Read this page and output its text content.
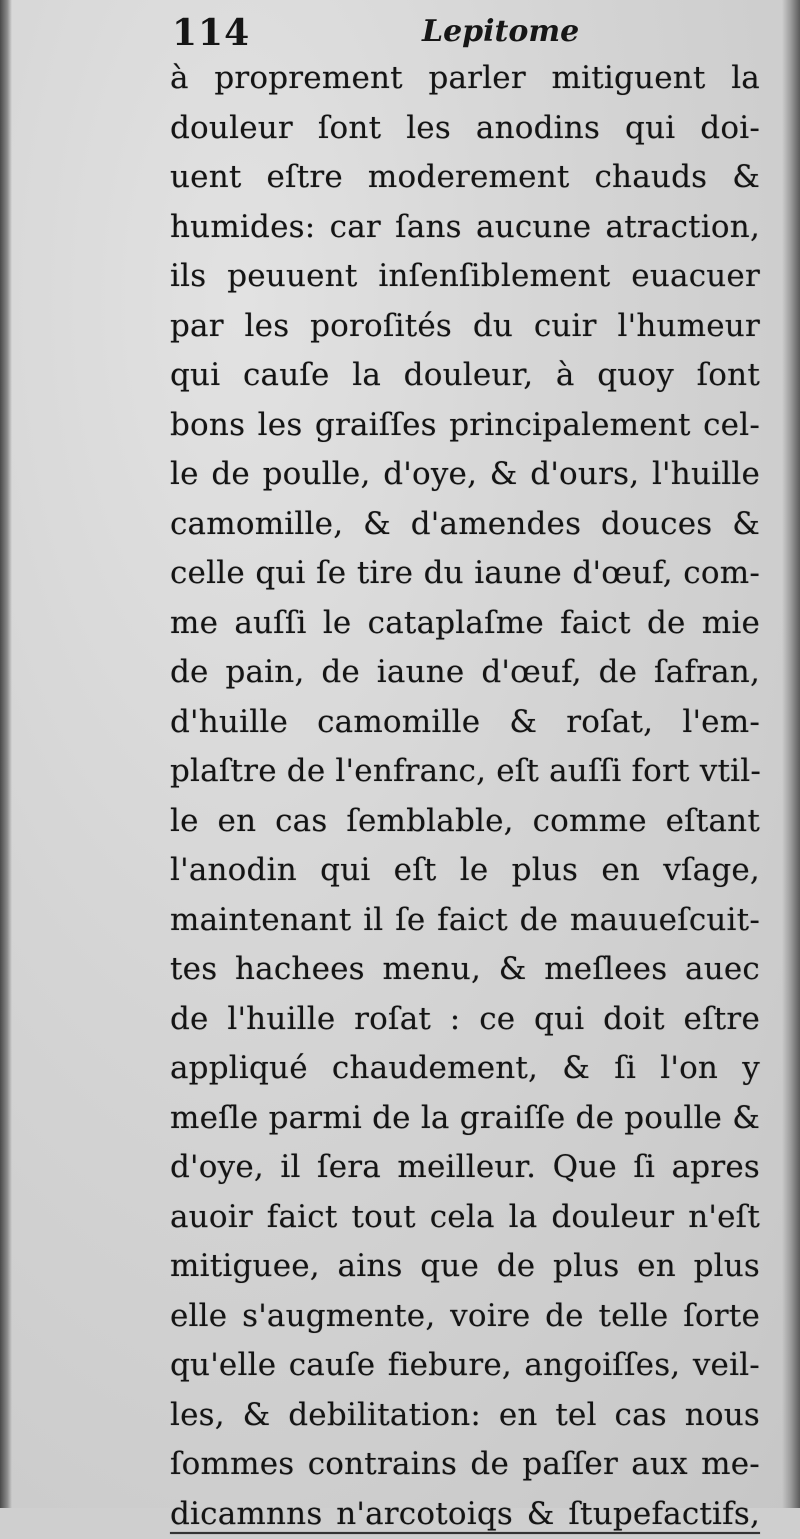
114	Lepitome
à proprement parler mitiguent la
douleur ſont les anodins qui doi-
uent eſtre moderement chauds &
humides: car ſans aucune atraction,
ils peuuent inſenſiblement euacuer
par les poroſités du cuir l'humeur
qui cauſe la douleur, à quoy ſont
bons les graiſſes principalement cel-
le de poulle, d'oye, & d'ours, l'huille
camomille, & d'amendes douces &
celle qui ſe tire du iaune d'œuf, com-
me auſſi le cataplaſme faict de mie
de pain, de iaune d'œuf, de ſafran,
d'huille camomille & roſat, l'em-
plaſtre de l'enfranc, eſt auſſi fort vtil-
le en cas ſemblable, comme eſtant
l'anodin qui eſt le plus en vſage,
maintenant il ſe faict de mauueſcuit-
tes hachees menu, & meſlees auec
de l'huille roſat : ce qui doit eſtre
appliqué chaudement, & ſi l'on y
meſle parmi de la graiſſe de poulle &
d'oye, il ſera meilleur. Que ſi apres
auoir faict tout cela la douleur n'eſt
mitiguee, ains que de plus en plus
elle s'augmente, voire de telle ſorte
qu'elle cauſe fiebure, angoiſſes, veil-
les, & debilitation: en tel cas nous
ſommes contrains de paſſer aux me-
dicamnns n'arcotoiqs & ſtupefactifs,
